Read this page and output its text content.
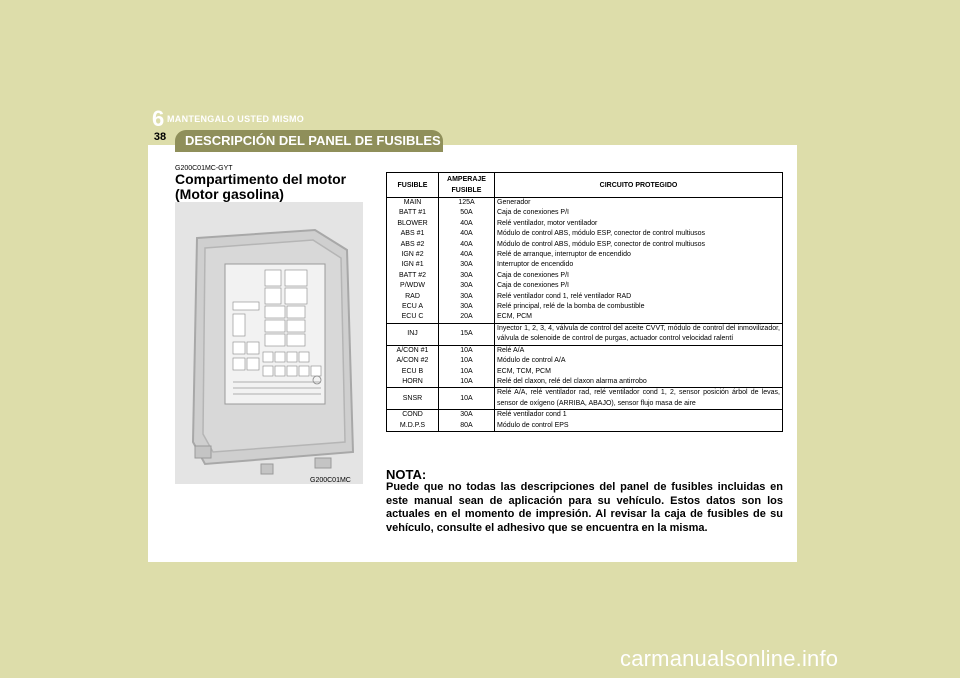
6 MANTENGALO USTED MISMO
38	DESCRIPCIÓN DEL PANEL DE FUSIBLES
G200C01MC-GYT
Compartimento del motor (Motor gasolina)
G200C01MC
FUSIBLE	AMPERAJE FUSIBLE	CIRCUITO PROTEGIDO
MAIN	125A	Generador
BATT #1	50A	Caja de conexiones P/I
BLOWER	40A	Relé ventilador, motor ventilador
ABS #1	40A	Módulo de control ABS, módulo ESP, conector de control multiusos
ABS #2	40A	Módulo de control ABS, módulo ESP, conector de control multiusos
IGN #2	40A	Relé de arranque, interruptor de encendido
IGN #1	30A	Interruptor de encendido
BATT #2	30A	Caja de conexiones P/I
P/WDW	30A	Caja de conexiones P/I
RAD	30A	Relé ventilador cond 1, relé ventilador RAD
ECU A	30A	Relé principal, relé de la bomba de combustible
ECU C	20A	ECM, PCM
INJ	15A	Inyector 1, 2, 3, 4, válvula de control del aceite CVVT, módulo de control del inmovilizador, válvula de solenoide de control de purgas, actuador control velocidad ralentí
A/CON #1	10A	Relé A/A
A/CON #2	10A	Módulo de control A/A
ECU B	10A	ECM, TCM, PCM
HORN	10A	Relé del claxon, relé del claxon alarma antirrobo
SNSR	10A	Relé A/A, relé ventilador rad, relé ventilador cond 1, 2, sensor posición árbol de levas, sensor de oxígeno (ARRIBA, ABAJO), sensor flujo masa de aire
COND	30A	Relé ventilador cond 1
M.D.P.S	80A	Módulo de control EPS
NOTA:
Puede que no todas las descripciones del panel de fusibles incluidas en este manual sean de aplicación para su vehículo. Estos datos son los actuales en el momento de impresión. Al revisar la caja de fusibles de su vehículo, consulte el adhesivo que se encuentra en la misma.
carmanualsonline.info
